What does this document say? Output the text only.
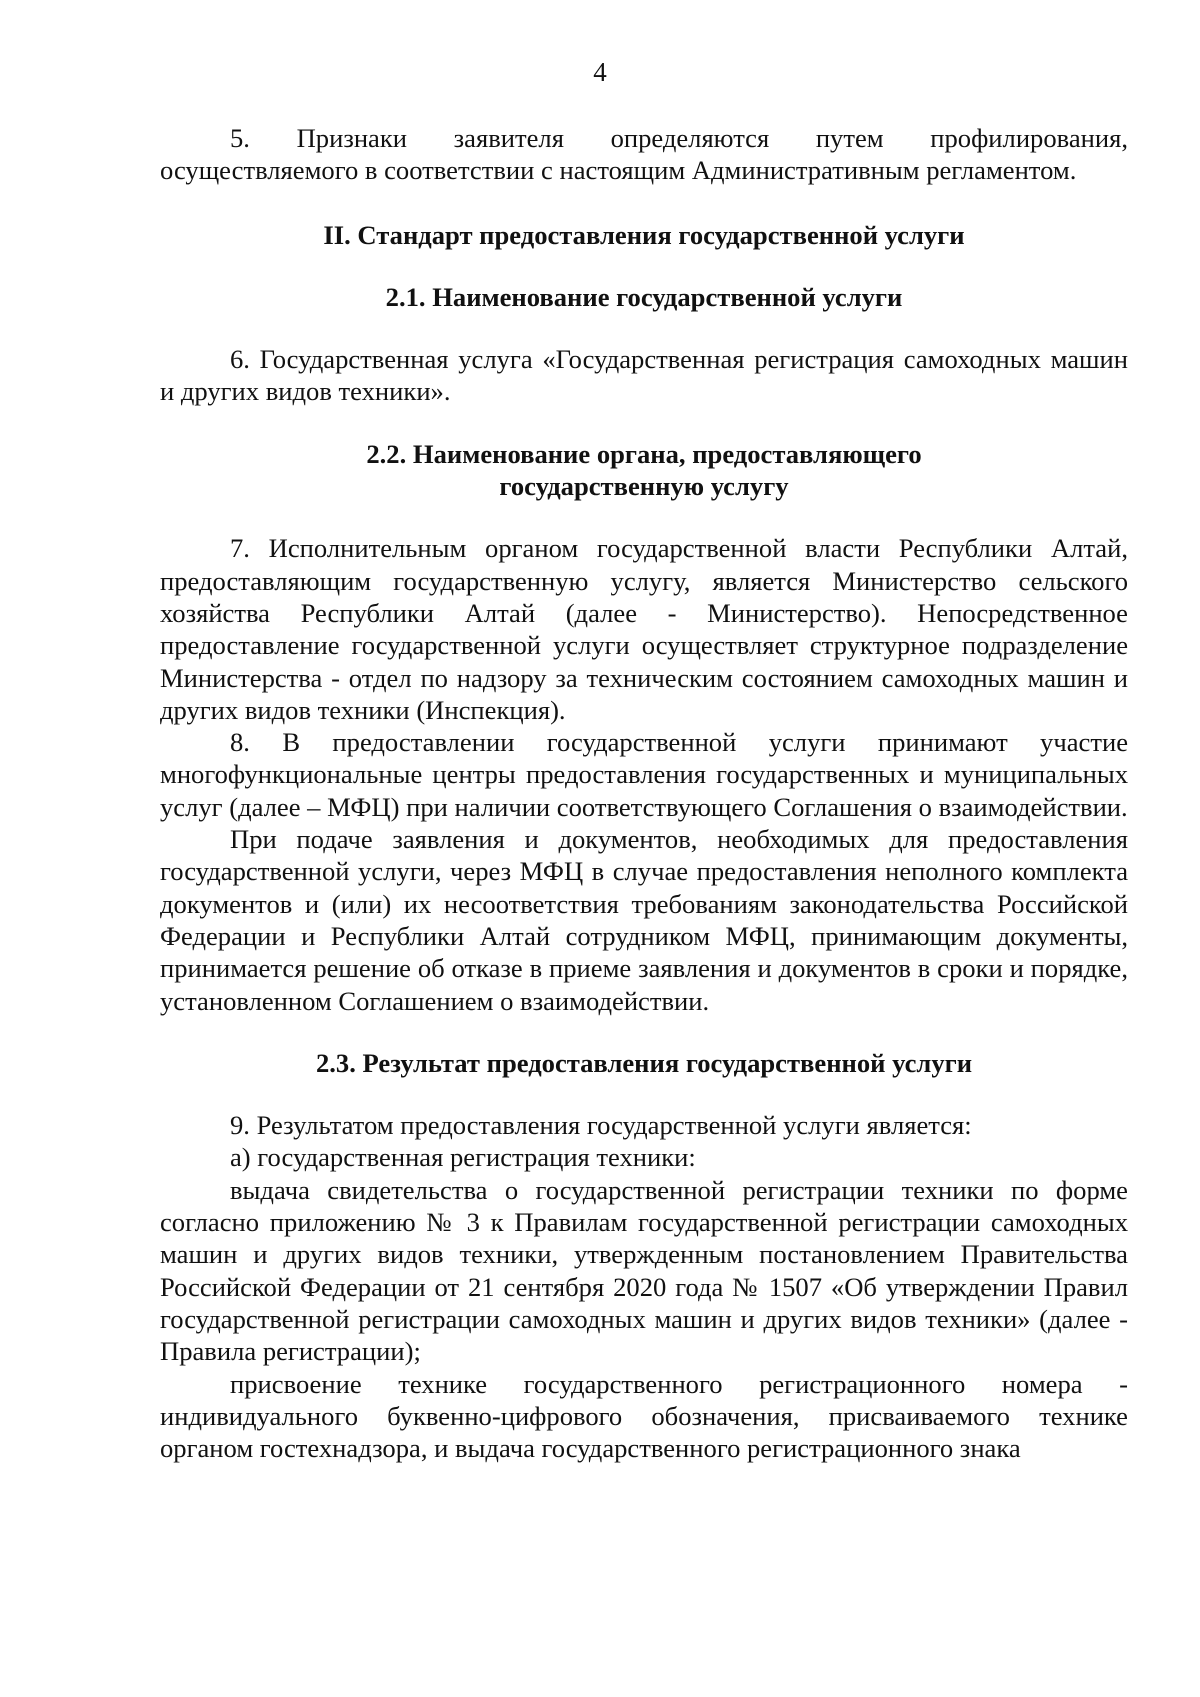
4

5. Признаки заявителя определяются путем профилирования, осуществляемого в соответствии с настоящим Административным регламентом.

II. Стандарт предоставления государственной услуги

2.1. Наименование государственной услуги

6. Государственная услуга «Государственная регистрация самоходных машин и других видов техники».

2.2. Наименование органа, предоставляющего

государственную услугу

7. Исполнительным органом государственной власти Республики Алтай, предоставляющим государственную услугу, является Министерство сельского хозяйства Республики Алтай (далее - Министерство). Непосредственное предоставление государственной услуги осуществляет структурное подразделение Министерства - отдел по надзору за техническим состоянием самоходных машин и других видов техники (Инспекция).

8. В предоставлении государственной услуги принимают участие многофункциональные центры предоставления государственных и муниципальных услуг (далее – МФЦ) при наличии соответствующего Соглашения о взаимодействии.

При подаче заявления и документов, необходимых для предоставления государственной услуги, через МФЦ в случае предоставления неполного комплекта документов и (или) их несоответствия требованиям законодательства Российской Федерации и Республики Алтай сотрудником МФЦ, принимающим документы, принимается решение об отказе в приеме заявления и документов в сроки и порядке, установленном Соглашением о взаимодействии.

2.3. Результат предоставления государственной услуги

9. Результатом предоставления государственной услуги является:

а) государственная регистрация техники:

выдача свидетельства о государственной регистрации техники по форме согласно приложению № 3 к Правилам государственной регистрации самоходных машин и других видов техники, утвержденным постановлением Правительства Российской Федерации от 21 сентября 2020 года № 1507 «Об утверждении Правил государственной регистрации самоходных машин и других видов техники» (далее - Правила регистрации);

присвоение технике государственного регистрационного номера - индивидуального буквенно-цифрового обозначения, присваиваемого технике органом гостехнадзора, и выдача государственного регистрационного знака
